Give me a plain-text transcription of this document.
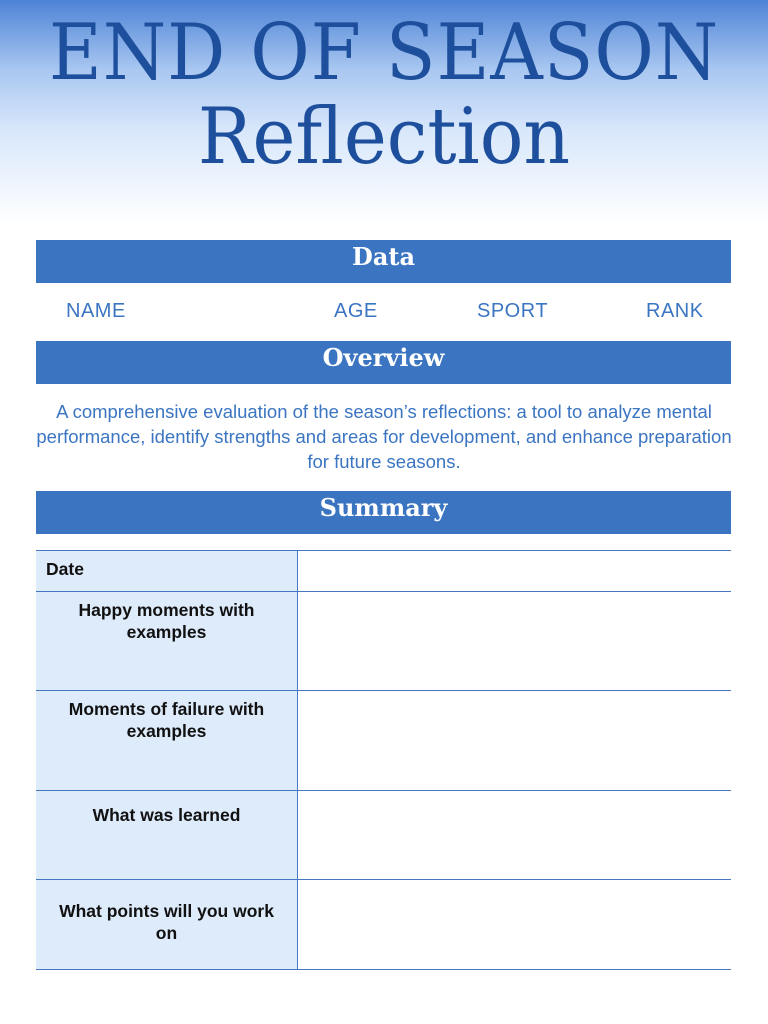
END OF SEASON
Reflection
Data
NAME	AGE	SPORT	RANK
Overview
A comprehensive evaluation of the season’s reflections: a tool to analyze mental performance, identify strengths and areas for development, and enhance preparation for future seasons.
Summary
Date
Happy moments with examples
Moments of failure with examples
What was learned
What points will you work on
